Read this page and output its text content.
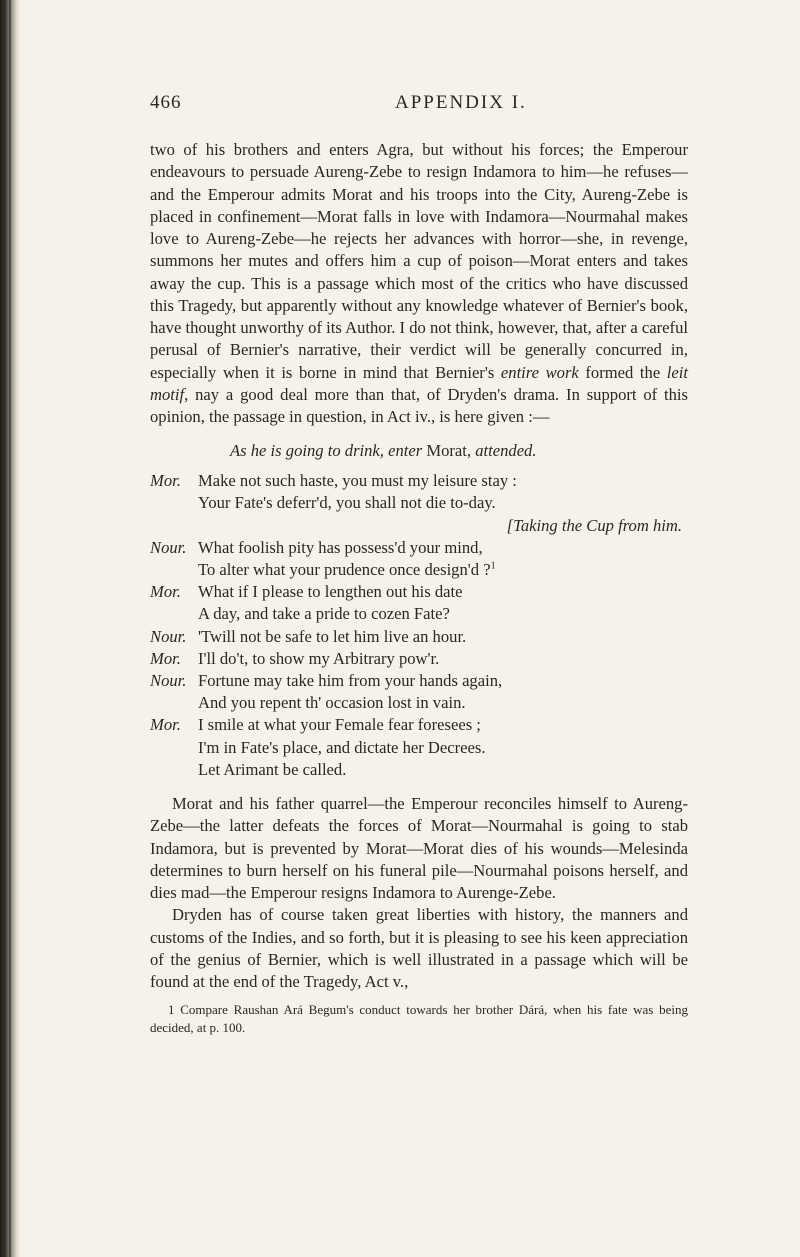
466	APPENDIX I.

two of his brothers and enters Agra, but without his forces; the Emperour endeavours to persuade Aureng-Zebe to resign Indamora to him—he refuses—and the Emperour admits Morat and his troops into the City, Aureng-Zebe is placed in confinement—Morat falls in love with Indamora—Nourmahal makes love to Aureng-Zebe—he rejects her advances with horror—she, in revenge, summons her mutes and offers him a cup of poison—Morat enters and takes away the cup. This is a passage which most of the critics who have discussed this Tragedy, but apparently without any knowledge whatever of Bernier's book, have thought unworthy of its Author. I do not think, however, that, after a careful perusal of Bernier's narrative, their verdict will be generally concurred in, especially when it is borne in mind that Bernier's entire work formed the leit motif, nay a good deal more than that, of Dryden's drama. In support of this opinion, the passage in question, in Act iv., is here given :—

As he is going to drink, enter Morat, attended.
Mor.	Make not such haste, you must my leisure stay :
Your Fate's deferr'd, you shall not die to-day.
[Taking the Cup from him.
Nour. What foolish pity has possess'd your mind,
To alter what your prudence once design'd ?$^1$
Mor.	What if I please to lengthen out his date
A day, and take a pride to cozen Fate?
Nour. 'Twill not be safe to let him live an hour.
Mor.	I'll do't, to show my Arbitrary pow'r.
Nour. Fortune may take him from your hands again,
And you repent th' occasion lost in vain.
Mor.	I smile at what your Female fear foresees ;
I'm in Fate's place, and dictate her Decrees.
Let Arimant be called.

Morat and his father quarrel—the Emperour reconciles himself to Aureng-Zebe—the latter defeats the forces of Morat—Nourmahal is going to stab Indamora, but is prevented by Morat—Morat dies of his wounds—Melesinda determines to burn herself on his funeral pile—Nourmahal poisons herself, and dies mad—the Emperour resigns Indamora to Aurenge-Zebe.

Dryden has of course taken great liberties with history, the manners and customs of the Indies, and so forth, but it is pleasing to see his keen appreciation of the genius of Bernier, which is well illustrated in a passage which will be found at the end of the Tragedy, Act v.,

1 Compare Raushan Ará Begum's conduct towards her brother Dárá, when his fate was being decided, at p. 100.
